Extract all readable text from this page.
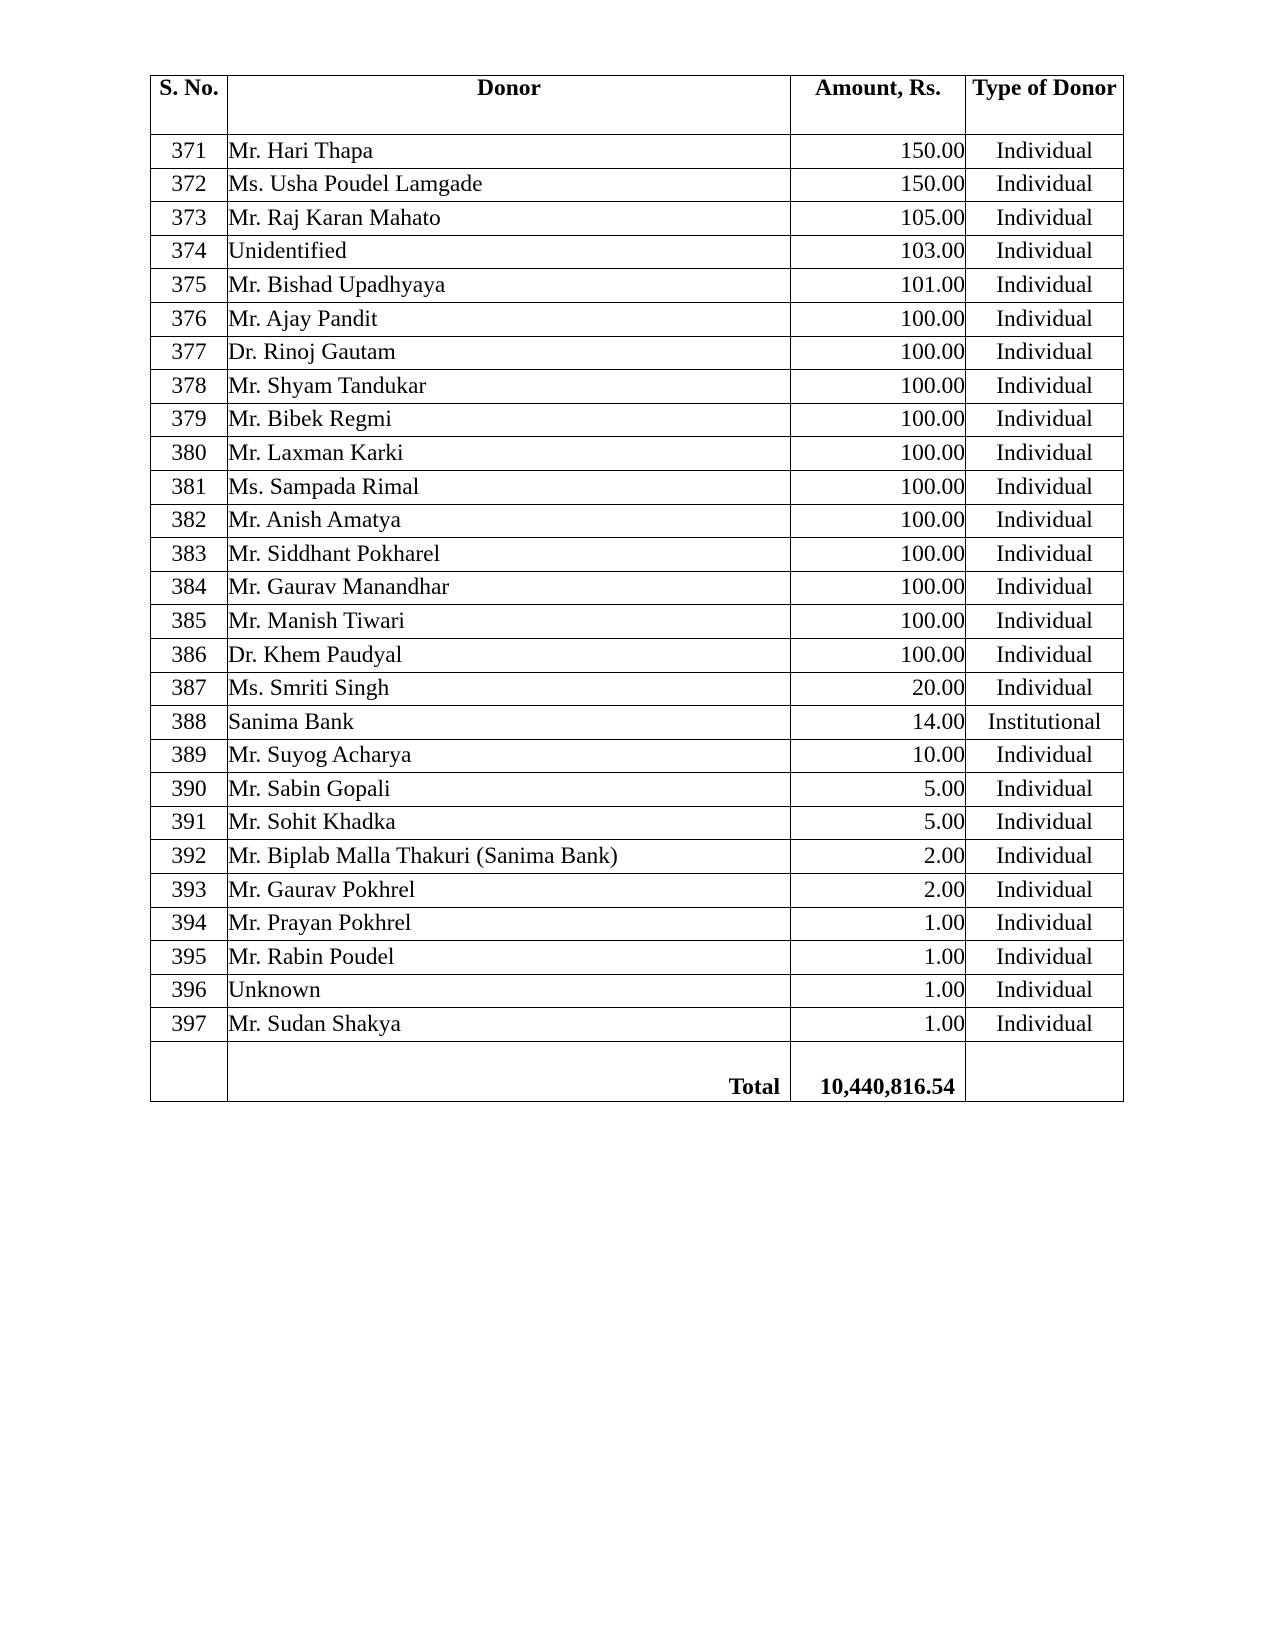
S. No.	Donor	Amount, Rs.	Type of Donor
371	Mr. Hari Thapa	150.00	Individual
372	Ms. Usha Poudel Lamgade	150.00	Individual
373	Mr. Raj Karan Mahato	105.00	Individual
374	Unidentified	103.00	Individual
375	Mr. Bishad Upadhyaya	101.00	Individual
376	Mr. Ajay Pandit	100.00	Individual
377	Dr. Rinoj Gautam	100.00	Individual
378	Mr. Shyam Tandukar	100.00	Individual
379	Mr. Bibek Regmi	100.00	Individual
380	Mr. Laxman Karki	100.00	Individual
381	Ms. Sampada Rimal	100.00	Individual
382	Mr. Anish Amatya	100.00	Individual
383	Mr. Siddhant Pokharel	100.00	Individual
384	Mr. Gaurav Manandhar	100.00	Individual
385	Mr. Manish Tiwari	100.00	Individual
386	Dr. Khem Paudyal	100.00	Individual
387	Ms. Smriti Singh	20.00	Individual
388	Sanima Bank	14.00	Institutional
389	Mr. Suyog Acharya	10.00	Individual
390	Mr. Sabin Gopali	5.00	Individual
391	Mr. Sohit Khadka	5.00	Individual
392	Mr. Biplab Malla Thakuri (Sanima Bank)	2.00	Individual
393	Mr. Gaurav Pokhrel	2.00	Individual
394	Mr. Prayan Pokhrel	1.00	Individual
395	Mr. Rabin Poudel	1.00	Individual
396	Unknown	1.00	Individual
397	Mr. Sudan Shakya	1.00	Individual
	Total	10,440,816.54	
